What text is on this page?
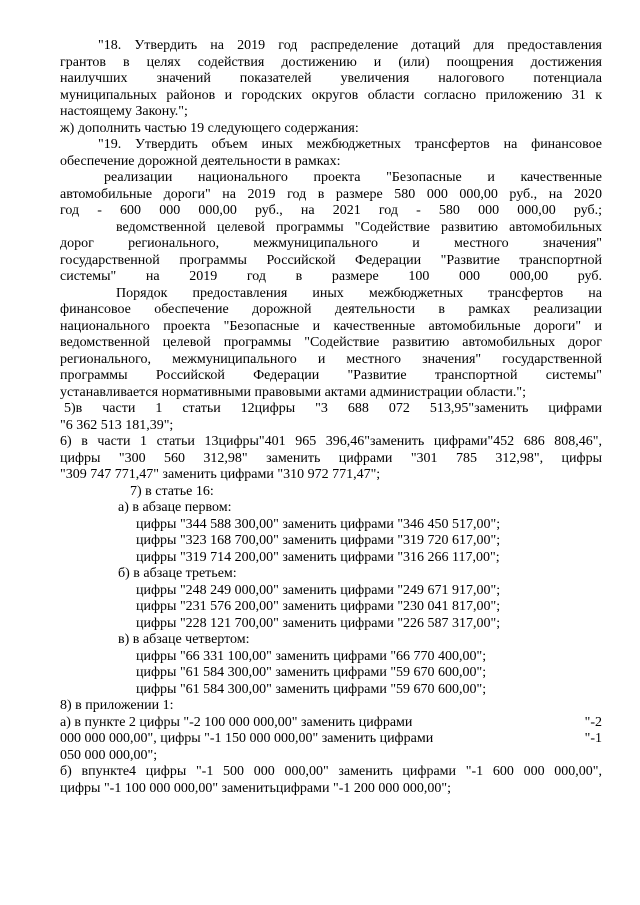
"18. Утвердить на 2019 год распределение дотаций для предоставления

грантов в целях содействия достижению и (или) поощрения достижения

наилучших значений показателей увеличения налогового потенциала

муниципальных районов и городских округов области согласно приложению 31 к

настоящему Закону.";

ж) дополнить частью 19 следующего содержания:

"19. Утвердить объем иных межбюджетных трансфертов на финансовое

обеспечение дорожной деятельности в рамках:

реализации национального проекта "Безопасные и качественные

автомобильные дороги" на 2019 год в размере 580 000 000,00 руб., на 2020

год - 600 000 000,00 руб., на 2021 год - 580 000 000,00 руб.;

ведомственной целевой программы "Содействие развитию автомобильных

дорог регионального, межмуниципального и местного значения"

государственной программы Российской Федерации "Развитие транспортной

системы" на 2019 год в размере 100 000 000,00 руб.

Порядок предоставления иных межбюджетных трансфертов на

финансовое обеспечение дорожной деятельности в рамках реализации

национального проекта "Безопасные и качественные автомобильные дороги" и

ведомственной целевой программы "Содействие развитию автомобильных дорог

регионального, межмуниципального и местного значения" государственной

программы Российской Федерации "Развитие транспортной системы"

устанавливается нормативными правовыми актами администрации области.";

5)в части 1 статьи 12цифры "3 688 072 513,95"заменить цифрами

"6 362 513 181,39";

6) в части 1 статьи 13цифры"401 965 396,46"заменить цифрами"452 686 808,46",

цифры "300 560 312,98" заменить цифрами "301 785 312,98", цифры

"309 747 771,47" заменить цифрами "310 972 771,47";

7) в статье 16:

а) в абзаце первом:

цифры "344 588 300,00" заменить цифрами "346 450 517,00";

цифры "323 168 700,00" заменить цифрами "319 720 617,00";

цифры "319 714 200,00" заменить цифрами "316 266 117,00";

б) в абзаце третьем:

цифры "248 249 000,00" заменить цифрами "249 671 917,00";

цифры "231 576 200,00" заменить цифрами "230 041 817,00";

цифры "228 121 700,00" заменить цифрами "226 587 317,00";

в) в абзаце четвертом:

цифры "66 331 100,00" заменить цифрами "66 770 400,00";

цифры "61 584 300,00" заменить цифрами "59 670 600,00";

цифры "61 584 300,00" заменить цифрами "59 670 600,00";

8) в приложении 1:

а) в пункте 2 цифры "-2 100 000 000,00" заменить цифрами	"-2
000 000 000,00", цифры "-1 150 000 000,00" заменить цифрами	"-1

050 000 000,00";

б) впункте4 цифры "-1 500 000 000,00" заменить цифрами "-1 600 000 000,00",

цифры "-1 100 000 000,00" заменитьцифрами "-1 200 000 000,00";
